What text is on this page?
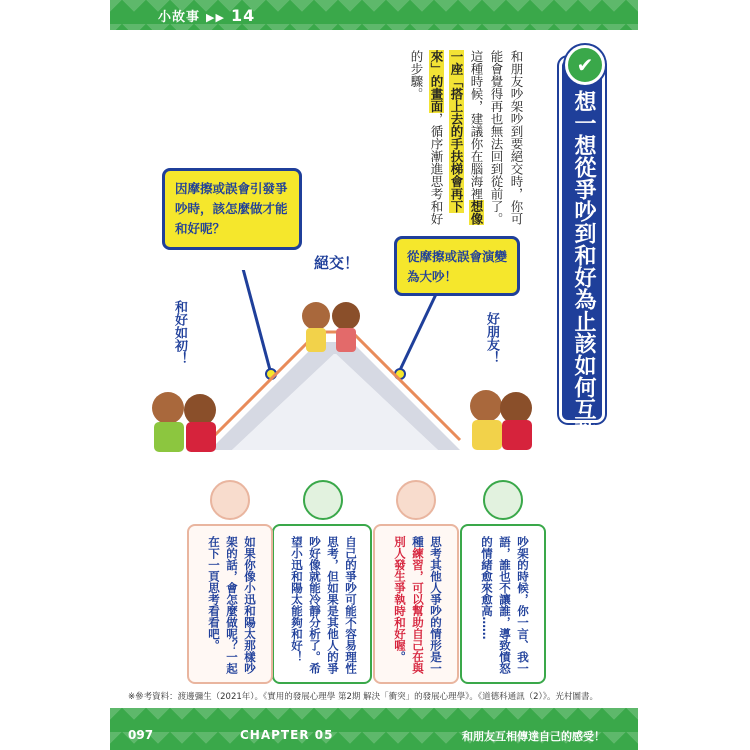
小故事 ▶▶ 14
✔
想一想從爭吵到和好為止該如何互動？
和朋友吵架吵到要絕交時，你可
能會覺得再也無法回到從前了。
這種時候，建議你在腦海裡想像
一座「搭上去的手扶梯會再下
來」的畫面，循序漸進思考和好
的步驟。
因摩擦或誤會引發爭吵時，該怎麼做才能和好呢？
從摩擦或誤會演變為大吵！
絕交！
和好如初！	好朋友！
吵架的時候，你一言、我一語，誰也不讓誰，導致憤怒的情緒愈來愈高……
思考其他人爭吵的情形是一種練習，可以幫助自己在與別人發生爭執時和好喔。
自己的爭吵可能不容易理性思考，但如果是其他人的爭吵好像就能冷靜分析了。希望小迅和陽太能夠和好！
如果你像小迅和陽太那樣吵架的話，會怎麼做呢？一起在下一頁思考看看吧。
※參考資料：渡邊彌生（2021年）。《實用的發展心理學 第2期 解決「衝突」的發展心理學》。《道德科通訊（2）》。光村圖書。
097	CHAPTER 05	和朋友互相傳達自己的感受！
